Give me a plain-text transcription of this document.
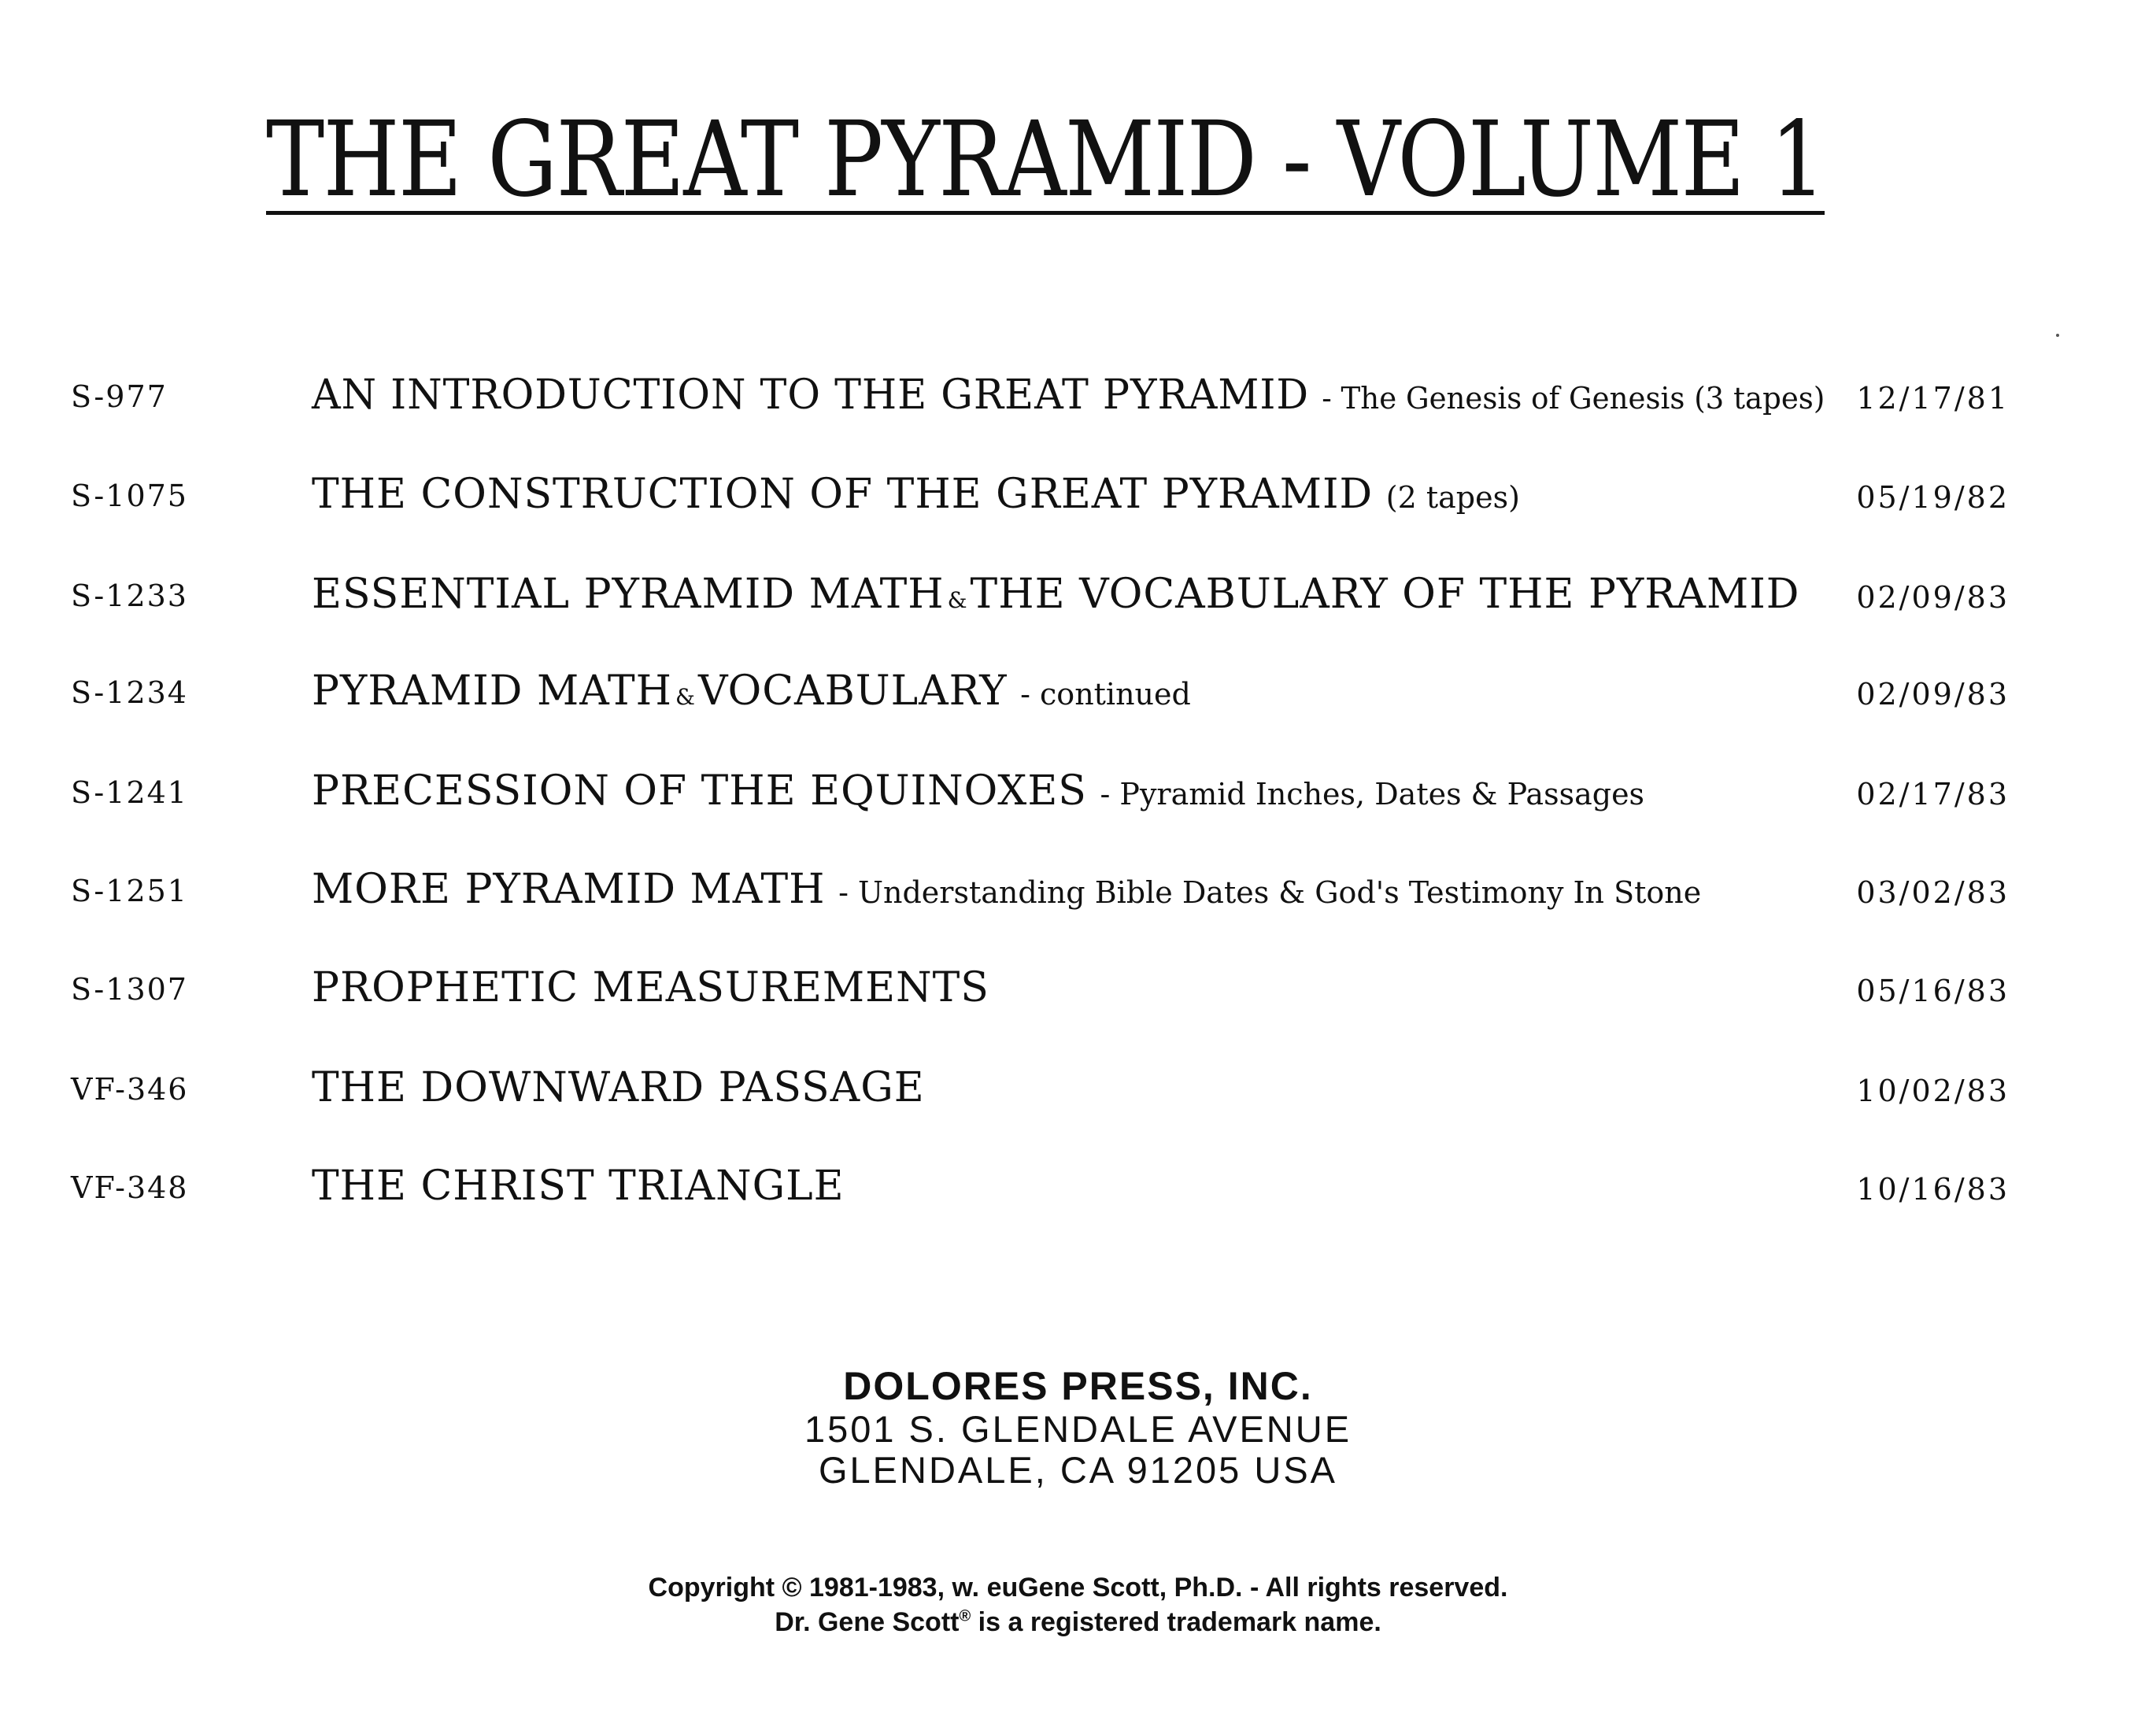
THE GREAT PYRAMID - VOLUME 1
S-977	AN INTRODUCTION TO THE GREAT PYRAMID - The Genesis of Genesis (3 tapes) 12/17/81
S-1075	THE CONSTRUCTION OF THE GREAT PYRAMID (2 tapes)	05/19/82
S-1233	ESSENTIAL PYRAMID MATH &THE VOCABULARY OF THE PYRAMID 02/09/83
S-1234	PYRAMID MATH &VOCABULARY - continued	02/09/83
S-1241	PRECESSION OF THE EQUINOXES - Pyramid Inches, Dates & Passages	02/17/83
S-1251	MORE PYRAMID MATH - Understanding Bible Dates & God's Testimony In Stone	03/02/83
S-1307	PROPHETIC MEASUREMENTS	05/16/83
VF-346	THE DOWNWARD PASSAGE	10/02/83
VF-348	THE CHRIST TRIANGLE	10/16/83
DOLORES PRESS, INC.
1501 S. GLENDALE AVENUE
GLENDALE, CA 91205 USA
Copyright © 1981-1983, w. euGene Scott, Ph.D. - All rights reserved.
Dr. Gene Scott® is a registered trademark name.
